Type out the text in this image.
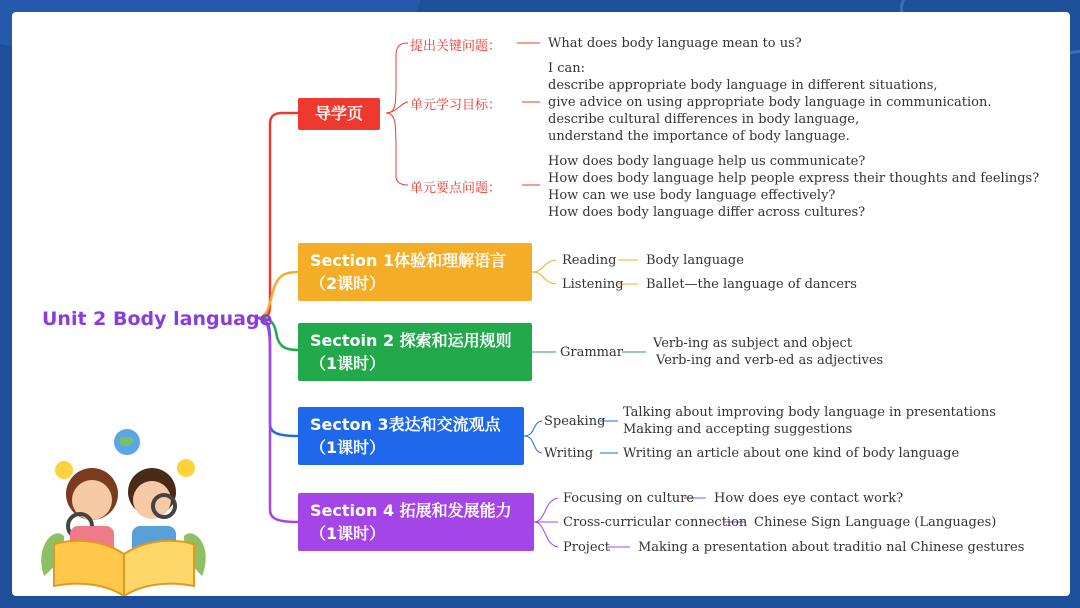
Unit 2 Body language
导学页
提出关键问题：	What does body language mean to us?
单元学习目标：
I can:
describe appropriate body language in different situations,
give advice on using appropriate body language in communication.
describe cultural differences in body language,
understand the importance of body language.
单元要点问题：
How does body language help us communicate?
How does body language help people express their thoughts and feelings?
How can we use body language effectively?
How does body language differ across cultures?
Section 1体验和理解语言
（2课时）
Reading Body language
Listening Ballet—the language of dancers
Sectoin 2 探索和运用规则
（1课时）
Grammar
Verb-ing as subject and object
Verb-ing and verb-ed as adjectives
Secton 3表达和交流观点
（1课时）
Speaking
Talking about improving body language in presentations
Making and accepting suggestions
Writing Writing an article about one kind of body language
Section 4 拓展和发展能力
（1课时）
Focusing on culture How does eye contact work?
Cross-curricular connection Chinese Sign Language (Languages)
Project Making a presentation about traditio nal Chinese gestures
